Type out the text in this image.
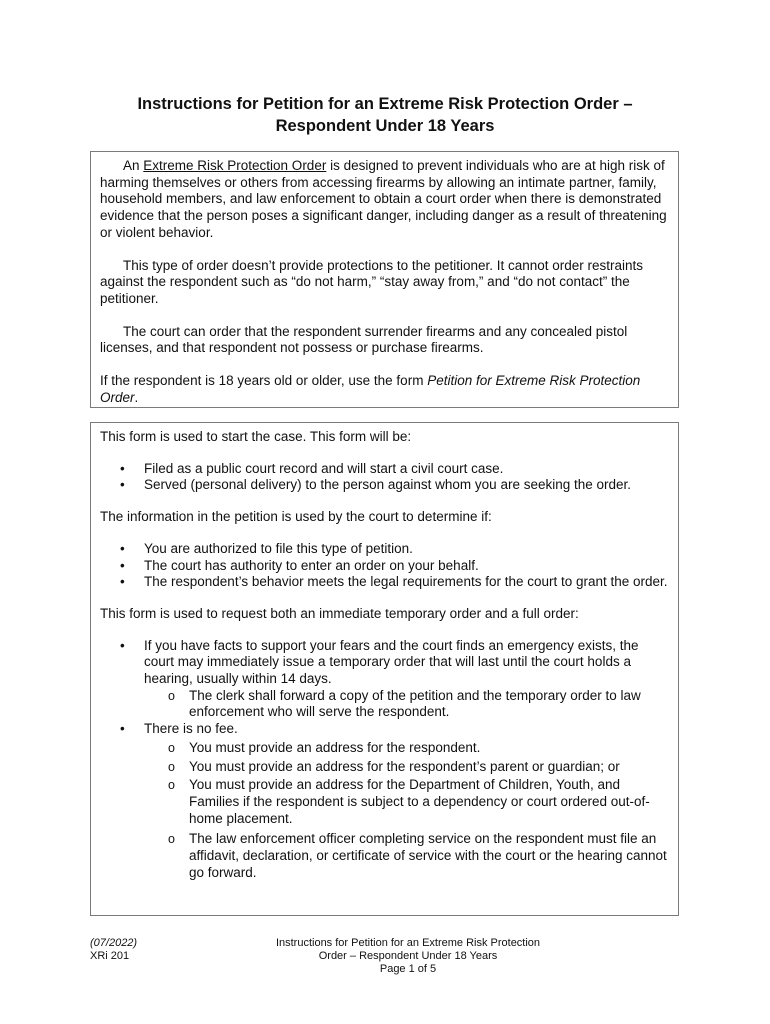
Instructions for Petition for an Extreme Risk Protection Order –
Respondent Under 18 Years

An Extreme Risk Protection Order is designed to prevent individuals who are at high risk of harming themselves or others from accessing firearms by allowing an intimate partner, family, household members, and law enforcement to obtain a court order when there is demonstrated evidence that the person poses a significant danger, including danger as a result of threatening or violent behavior.

This type of order doesn’t provide protections to the petitioner. It cannot order restraints against the respondent such as “do not harm,” “stay away from,” and “do not contact” the petitioner.

The court can order that the respondent surrender firearms and any concealed pistol licenses, and that respondent not possess or purchase firearms.

If the respondent is 18 years old or older, use the form Petition for Extreme Risk Protection Order.

This form is used to start the case. This form will be:

• Filed as a public court record and will start a civil court case.
• Served (personal delivery) to the person against whom you are seeking the order.

The information in the petition is used by the court to determine if:

• You are authorized to file this type of petition.
• The court has authority to enter an order on your behalf.
• The respondent’s behavior meets the legal requirements for the court to grant the order.

This form is used to request both an immediate temporary order and a full order:

• If you have facts to support your fears and the court finds an emergency exists, the court may immediately issue a temporary order that will last until the court holds a hearing, usually within 14 days.
o The clerk shall forward a copy of the petition and the temporary order to law enforcement who will serve the respondent.
• There is no fee.
o You must provide an address for the respondent.
o You must provide an address for the respondent’s parent or guardian; or
o You must provide an address for the Department of Children, Youth, and Families if the respondent is subject to a dependency or court ordered out-of-home placement.
o The law enforcement officer completing service on the respondent must file an affidavit, declaration, or certificate of service with the court or the hearing cannot go forward.
(07/2022)
XRi 201
Instructions for Petition for an Extreme Risk Protection
Order – Respondent Under 18 Years
Page 1 of 5
